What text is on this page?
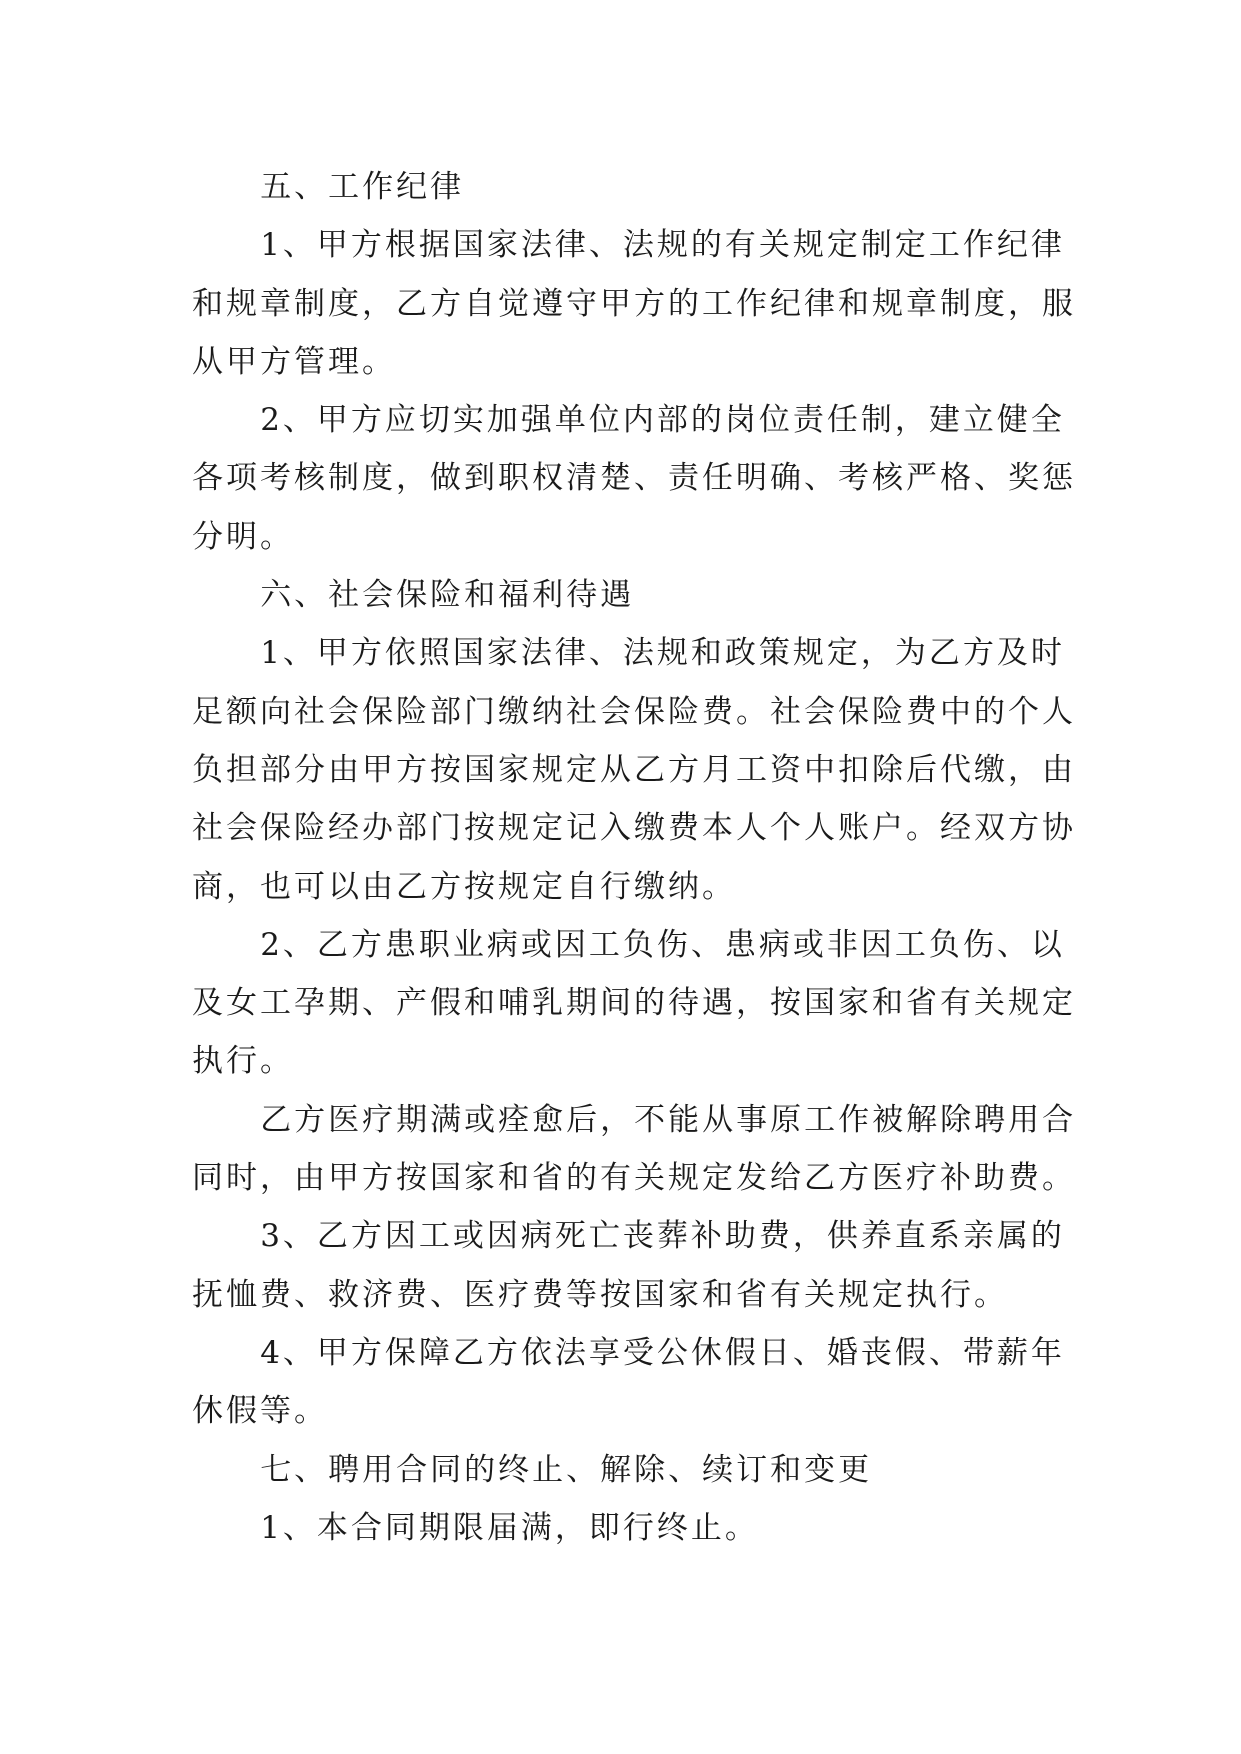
五、工作纪律
1、甲方根据国家法律、法规的有关规定制定工作纪律
和规章制度，乙方自觉遵守甲方的工作纪律和规章制度，服
从甲方管理。
2、甲方应切实加强单位内部的岗位责任制，建立健全
各项考核制度，做到职权清楚、责任明确、考核严格、奖惩
分明。
六、社会保险和福利待遇
1、甲方依照国家法律、法规和政策规定，为乙方及时
足额向社会保险部门缴纳社会保险费。社会保险费中的个人
负担部分由甲方按国家规定从乙方月工资中扣除后代缴，由
社会保险经办部门按规定记入缴费本人个人账户。经双方协
商，也可以由乙方按规定自行缴纳。
2、乙方患职业病或因工负伤、患病或非因工负伤、以
及女工孕期、产假和哺乳期间的待遇，按国家和省有关规定
执行。
乙方医疗期满或痊愈后，不能从事原工作被解除聘用合
同时，由甲方按国家和省的有关规定发给乙方医疗补助费。
3、乙方因工或因病死亡丧葬补助费，供养直系亲属的
抚恤费、救济费、医疗费等按国家和省有关规定执行。
4、甲方保障乙方依法享受公休假日、婚丧假、带薪年
休假等。
七、聘用合同的终止、解除、续订和变更
1、本合同期限届满，即行终止。
